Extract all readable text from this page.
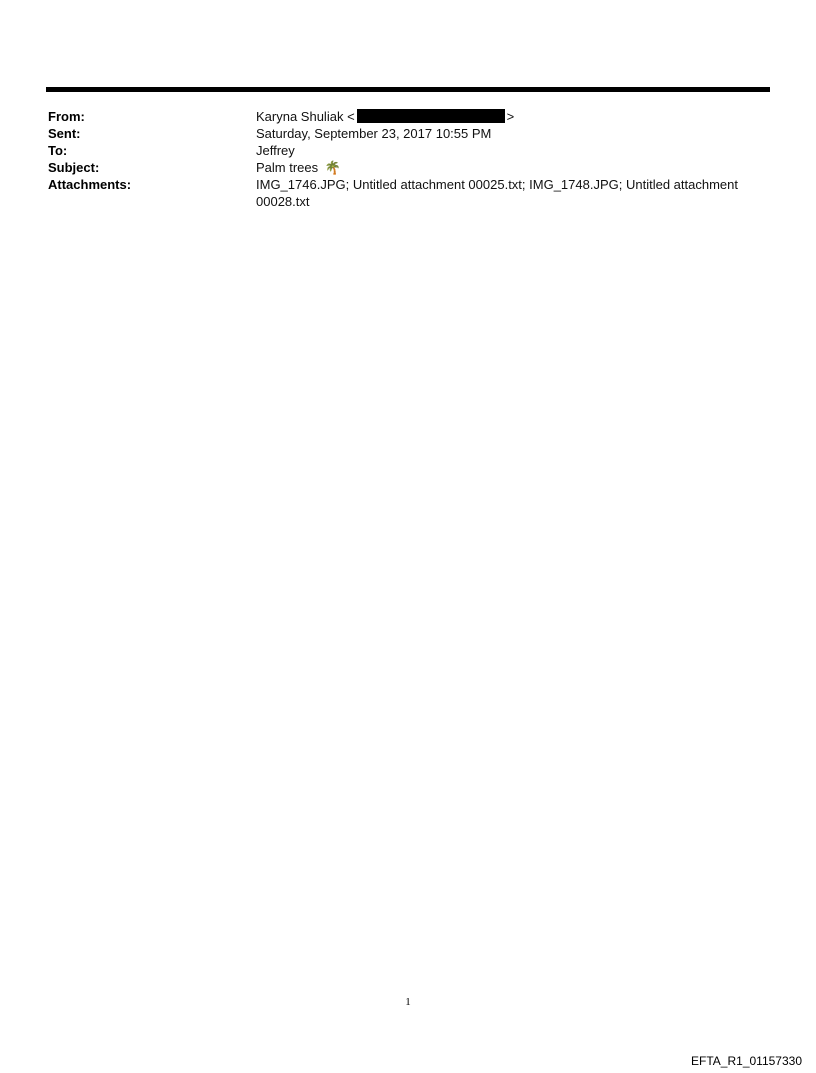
From:	Karyna Shuliak <	>
Sent:	Saturday, September 23, 2017 10:55 PM
To:	Jeffrey
Subject:	Palm trees 🌴
Attachments:	IMG_1746.JPG; Untitled attachment 00025.txt; IMG_1748.JPG; Untitled attachment 00028.txt
1
EFTA_R1_01157330
